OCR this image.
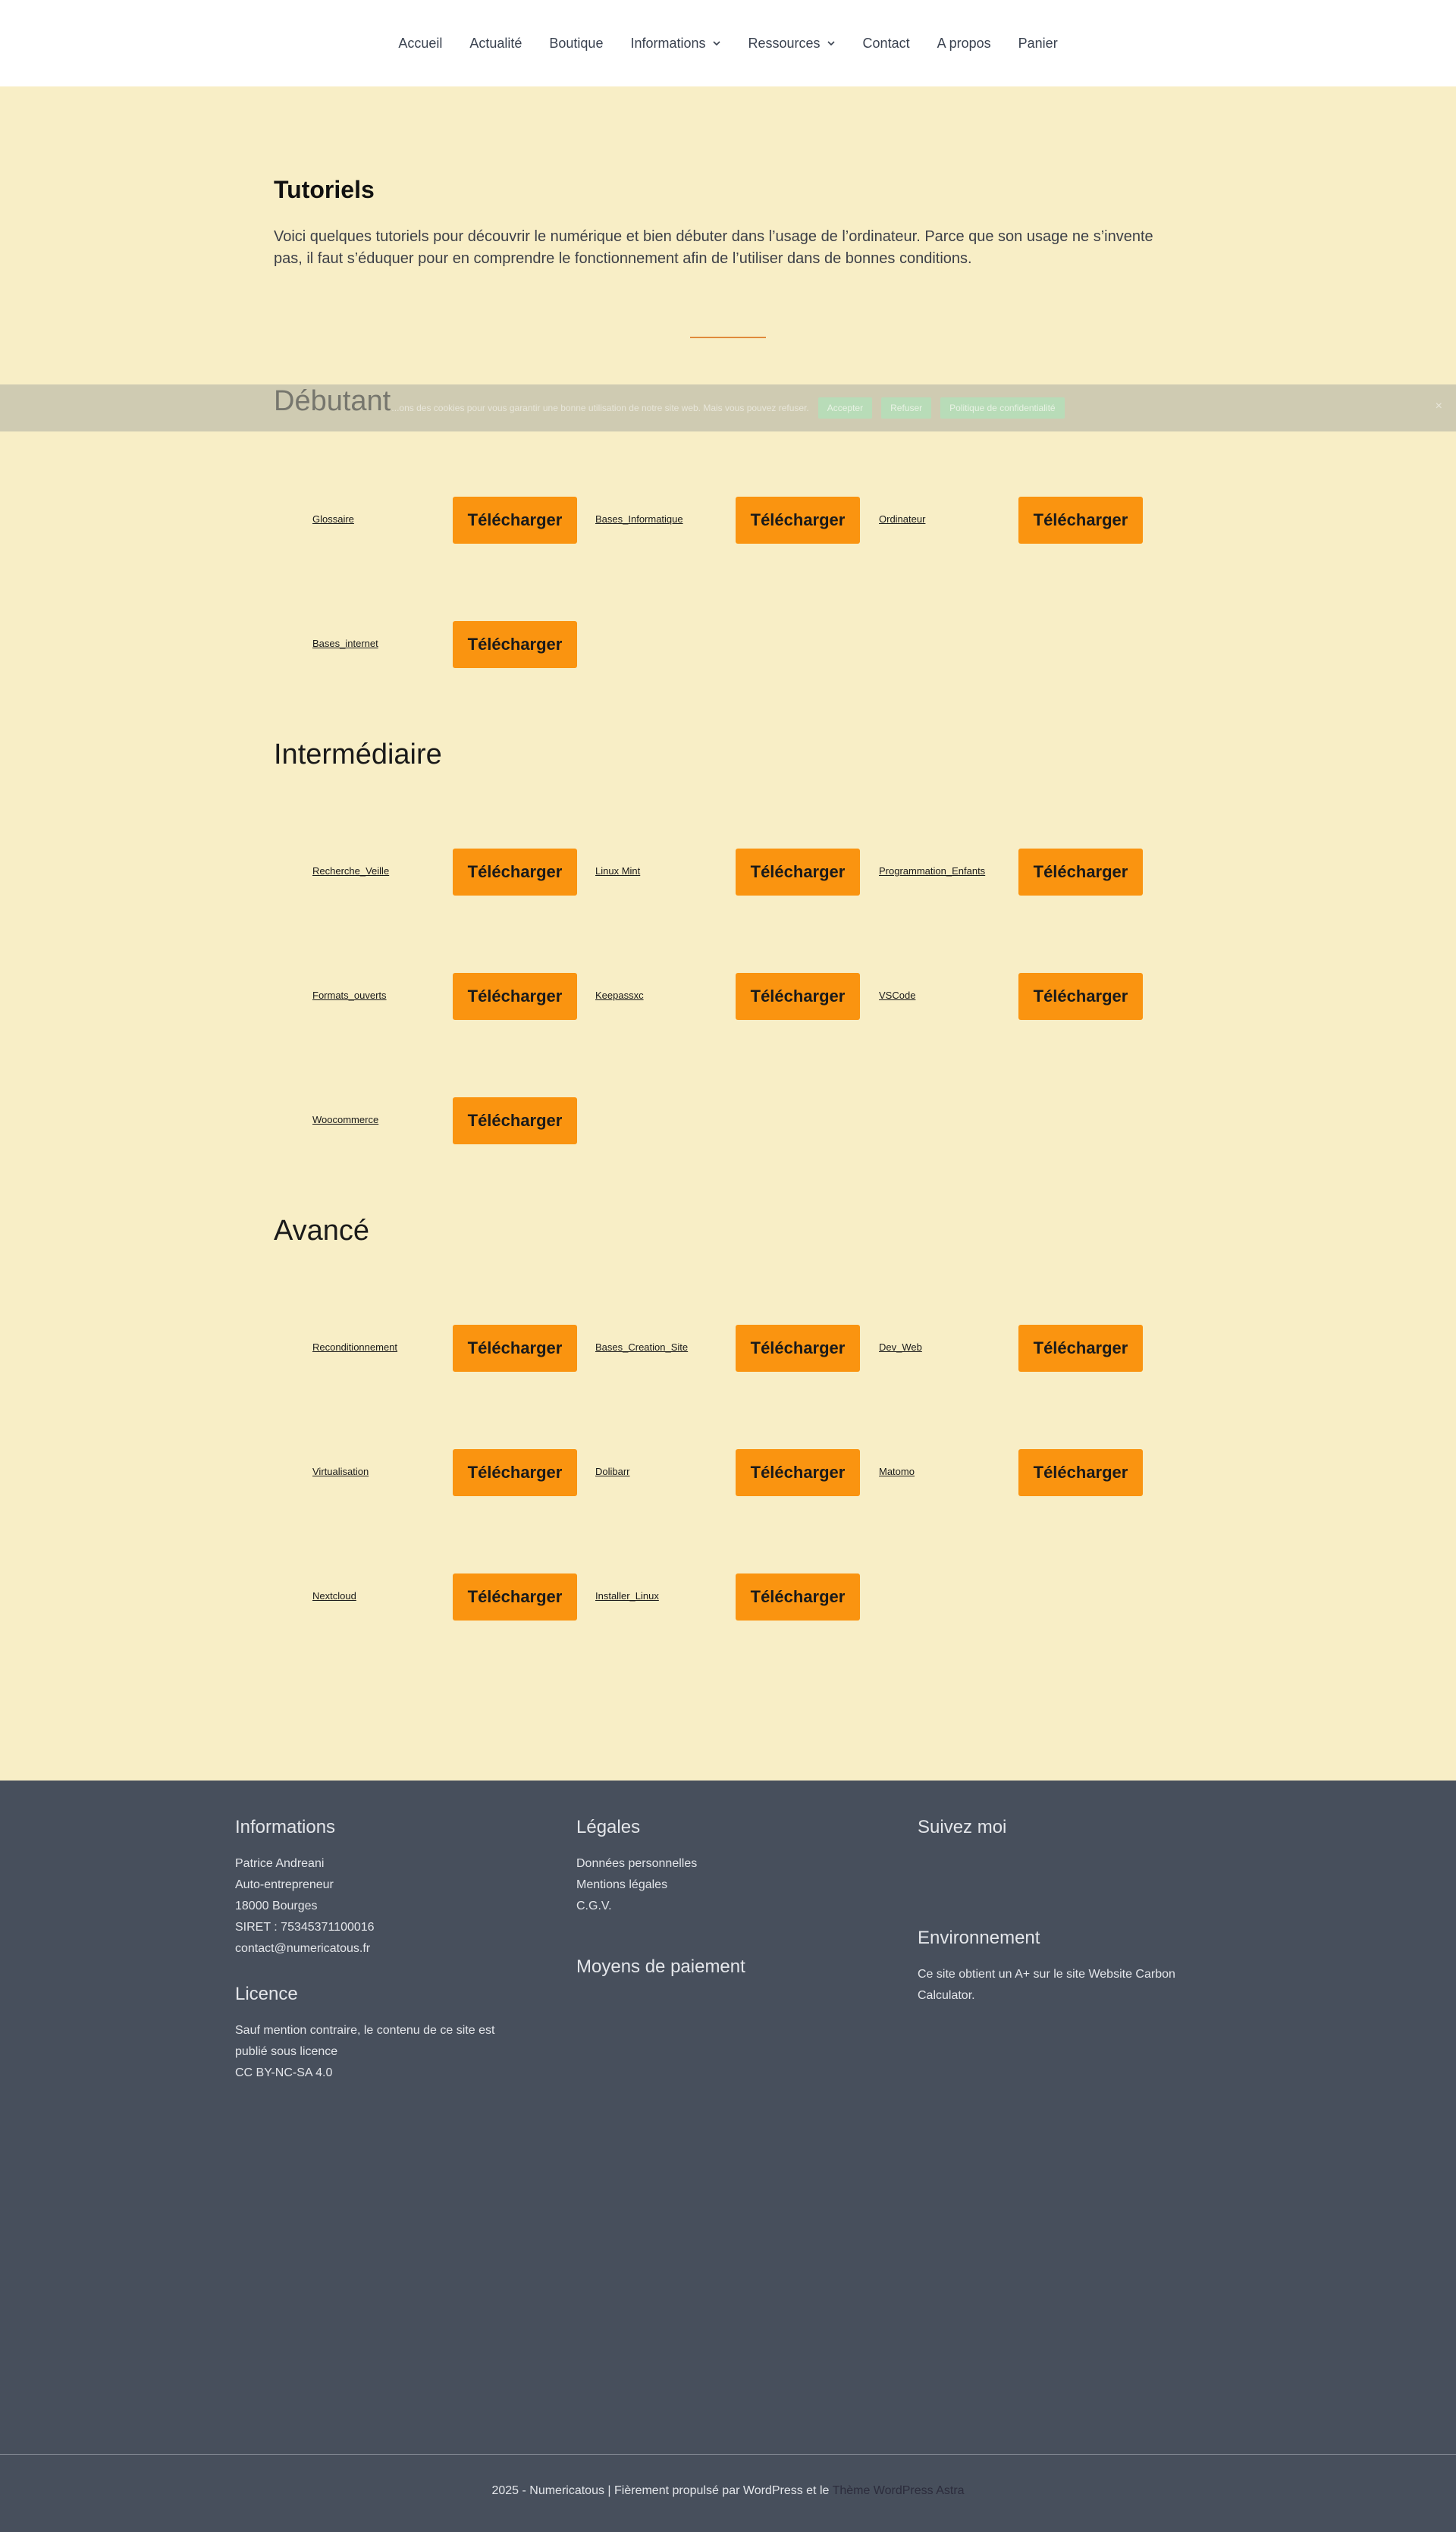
Accueil Actualité Boutique Informations	Ressources	Contact A propos Panier
Tutoriels

Voici quelques tutoriels pour découvrir le numérique et bien débuter dans l’usage de l’ordinateur. Parce que son usage ne s’invente pas, il faut s’éduquer pour en comprendre le fonctionnement afin de l’utiliser dans de bonnes conditions.

Glossaire	Télécharger	Bases_Informatique	Télécharger	Ordinateur	Télécharger
Bases_internet	Télécharger
Intermédiaire
Recherche_Veille	Télécharger	Linux Mint	Télécharger	Programmation_Enfants	Télécharger
Formats_ouverts	Télécharger	Keepassxc	Télécharger	VSCode	Télécharger
Woocommerce	Télécharger
Avancé
Reconditionnement	Télécharger	Bases_Creation_Site	Télécharger	Dev_Web	Télécharger
Virtualisation	Télécharger	Dolibarr	Télécharger	Matomo	Télécharger
Nextcloud	Télécharger	Installer_Linux	Télécharger
...ons des cookies pour vous garantir une bonne utilisation de notre site web. Mais vous pouvez refuser.	Accepter	Refuser	Politique de confidentialité	×
Informations
Patrice Andreani
Auto-entrepreneur
18000 Bourges
SIRET : 75345371100016
contact@numericatous.fr
Licence

Sauf mention contraire, le contenu de ce site est publié sous licence

CC BY-NC-SA 4.0
Légales
Données personnelles
Mentions légales
C.G.V.
Moyens de paiement
Suivez moi
Environnement

Ce site obtient un A+ sur le site Website Carbon Calculator.

2025 - Numericatous | Fièrement propulsé par WordPress et le Thème WordPress Astra
